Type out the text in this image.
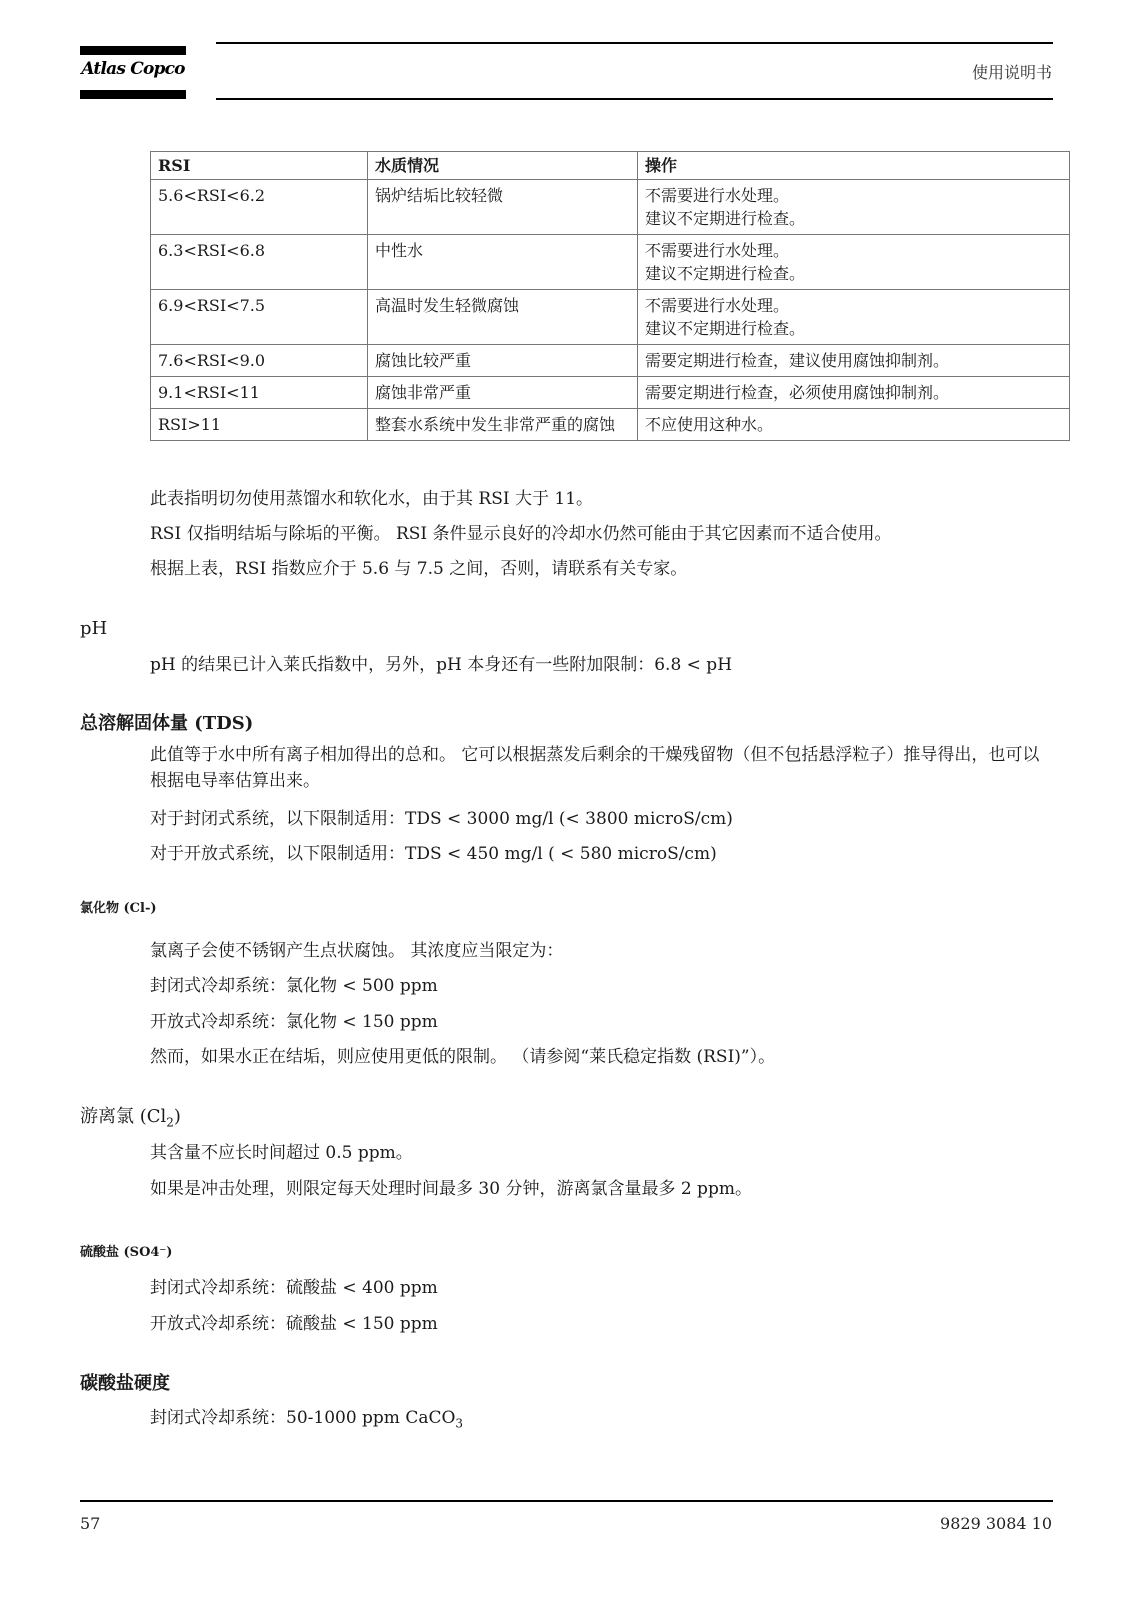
Atlas Copco	使用说明书
RSI	水质情况	操作
5.6<RSI<6.2	锅炉结垢比较轻微	不需要进行水处理。
建议不定期进行检查。

6.3<RSI<6.8	中性水	不需要进行水处理。
建议不定期进行检查。

6.9<RSI<7.5	高温时发生轻微腐蚀	不需要进行水处理。
建议不定期进行检查。

7.6<RSI<9.0	腐蚀比较严重	需要定期进行检查，建议使用腐蚀抑制剂。
9.1<RSI<11	腐蚀非常严重	需要定期进行检查，必须使用腐蚀抑制剂。
RSI>11	整套水系统中发生非常严重的腐蚀	不应使用这种水。
此表指明切勿使用蒸馏水和软化水，由于其 RSI 大于 11。
RSI 仅指明结垢与除垢的平衡。 RSI 条件显示良好的冷却水仍然可能由于其它因素而不适合使用。
根据上表，RSI 指数应介于 5.6 与 7.5 之间，否则，请联系有关专家。
pH
pH 的结果已计入莱氏指数中，另外，pH 本身还有一些附加限制：6.8 < pH
总溶解固体量 (TDS)
此值等于水中所有离子相加得出的总和。 它可以根据蒸发后剩余的干燥残留物（但不包括悬浮粒子）推导得出，也可以根据电导率估算出来。
对于封闭式系统，以下限制适用：TDS < 3000 mg/l (< 3800 microS/cm)
对于开放式系统，以下限制适用：TDS < 450 mg/l ( < 580 microS/cm)
氯化物 (Cl-)
氯离子会使不锈钢产生点状腐蚀。 其浓度应当限定为：
封闭式冷却系统：氯化物 < 500 ppm
开放式冷却系统：氯化物 < 150 ppm
然而，如果水正在结垢，则应使用更低的限制。 （请参阅“莱氏稳定指数 (RSI)”）。
游离氯 $(Cl_2)$
其含量不应长时间超过 0.5 ppm。
如果是冲击处理，则限定每天处理时间最多 30 分钟，游离氯含量最多 2 ppm。
硫酸盐 (SO4⁻)
封闭式冷却系统：硫酸盐 < 400 ppm
开放式冷却系统：硫酸盐 < 150 ppm
碳酸盐硬度
封闭式冷却系统：50-1000 ppm CaCO$_3$
57	9829 3084 10
